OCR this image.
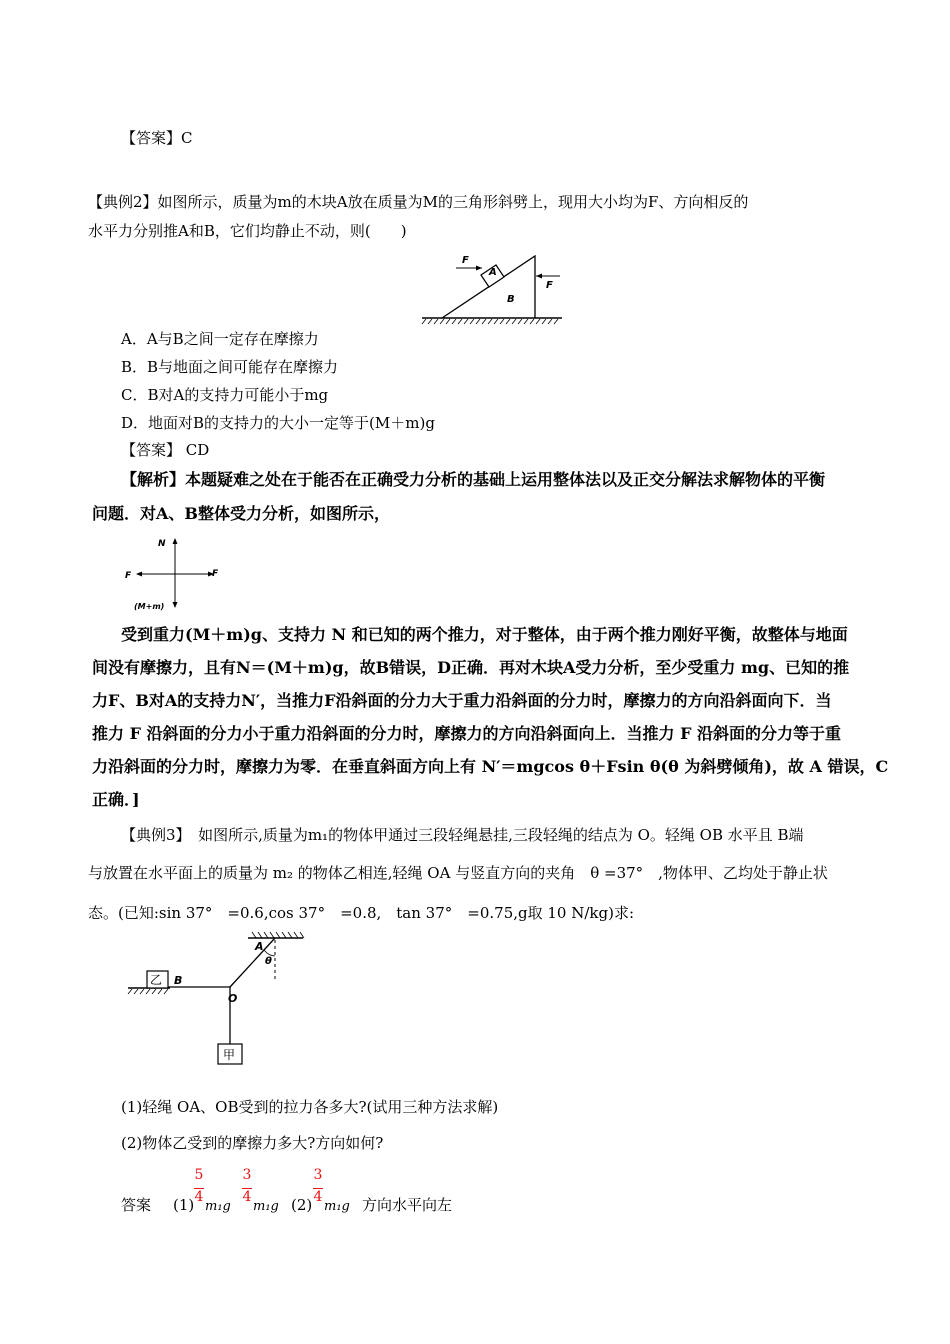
【答案】C
【典例2】如图所示，质量为m的木块A放在质量为M的三角形斜劈上，现用大小均为F、方向相反的
水平力分别推A和B，它们均静止不动，则(　　)
F
A
B
F
A．A与B之间一定存在摩擦力
B．B与地面之间可能存在摩擦力
C．B对A的支持力可能小于mg
D．地面对B的支持力的大小一定等于(M＋m)g
【答案】 CD
【解析】本题疑难之处在于能否在正确受力分析的基础上运用整体法以及正交分解法求解物体的平衡
问题．对A、B整体受力分析，如图所示，
N
F	F
(M+m)
受到重力(M＋m)g、支持力 N 和已知的两个推力，对于整体，由于两个推力刚好平衡，故整体与地面
间没有摩擦力，且有N＝(M＋m)g，故B错误，D正确．再对木块A受力分析，至少受重力 mg、已知的推
力F、B对A的支持力N′，当推力F沿斜面的分力大于重力沿斜面的分力时，摩擦力的方向沿斜面向下．当
推力 F 沿斜面的分力小于重力沿斜面的分力时，摩擦力的方向沿斜面向上．当推力 F 沿斜面的分力等于重
力沿斜面的分力时，摩擦力为零．在垂直斜面方向上有 N′＝mgcos θ＋Fsin θ(θ 为斜劈倾角)，故 A 错误，C
正确．]
【典例3】　 如图所示,质量为m₁的物体甲通过三段轻绳悬挂,三段轻绳的结点为 O。轻绳 OB 水平且 B端
与放置在水平面上的质量为 m₂ 的物体乙相连,轻绳 OA 与竖直方向的夹角　θ =37°　,物体甲、乙均处于静止状
态。(已知:sin 37°　=0.6,cos 37°　=0.8,　tan 37°　=0.75,g取 10 N/kg)求:
乙
甲
A
θ
B
O
(1)轻绳 OA、OB受到的拉力各多大?(试用三种方法求解)
(2)物体乙受到的摩擦力多大?方向如何?
答案 (1)
5
4
m₁g
3
4
m₁g (2)
3
4
m₁g 方向水平向左
